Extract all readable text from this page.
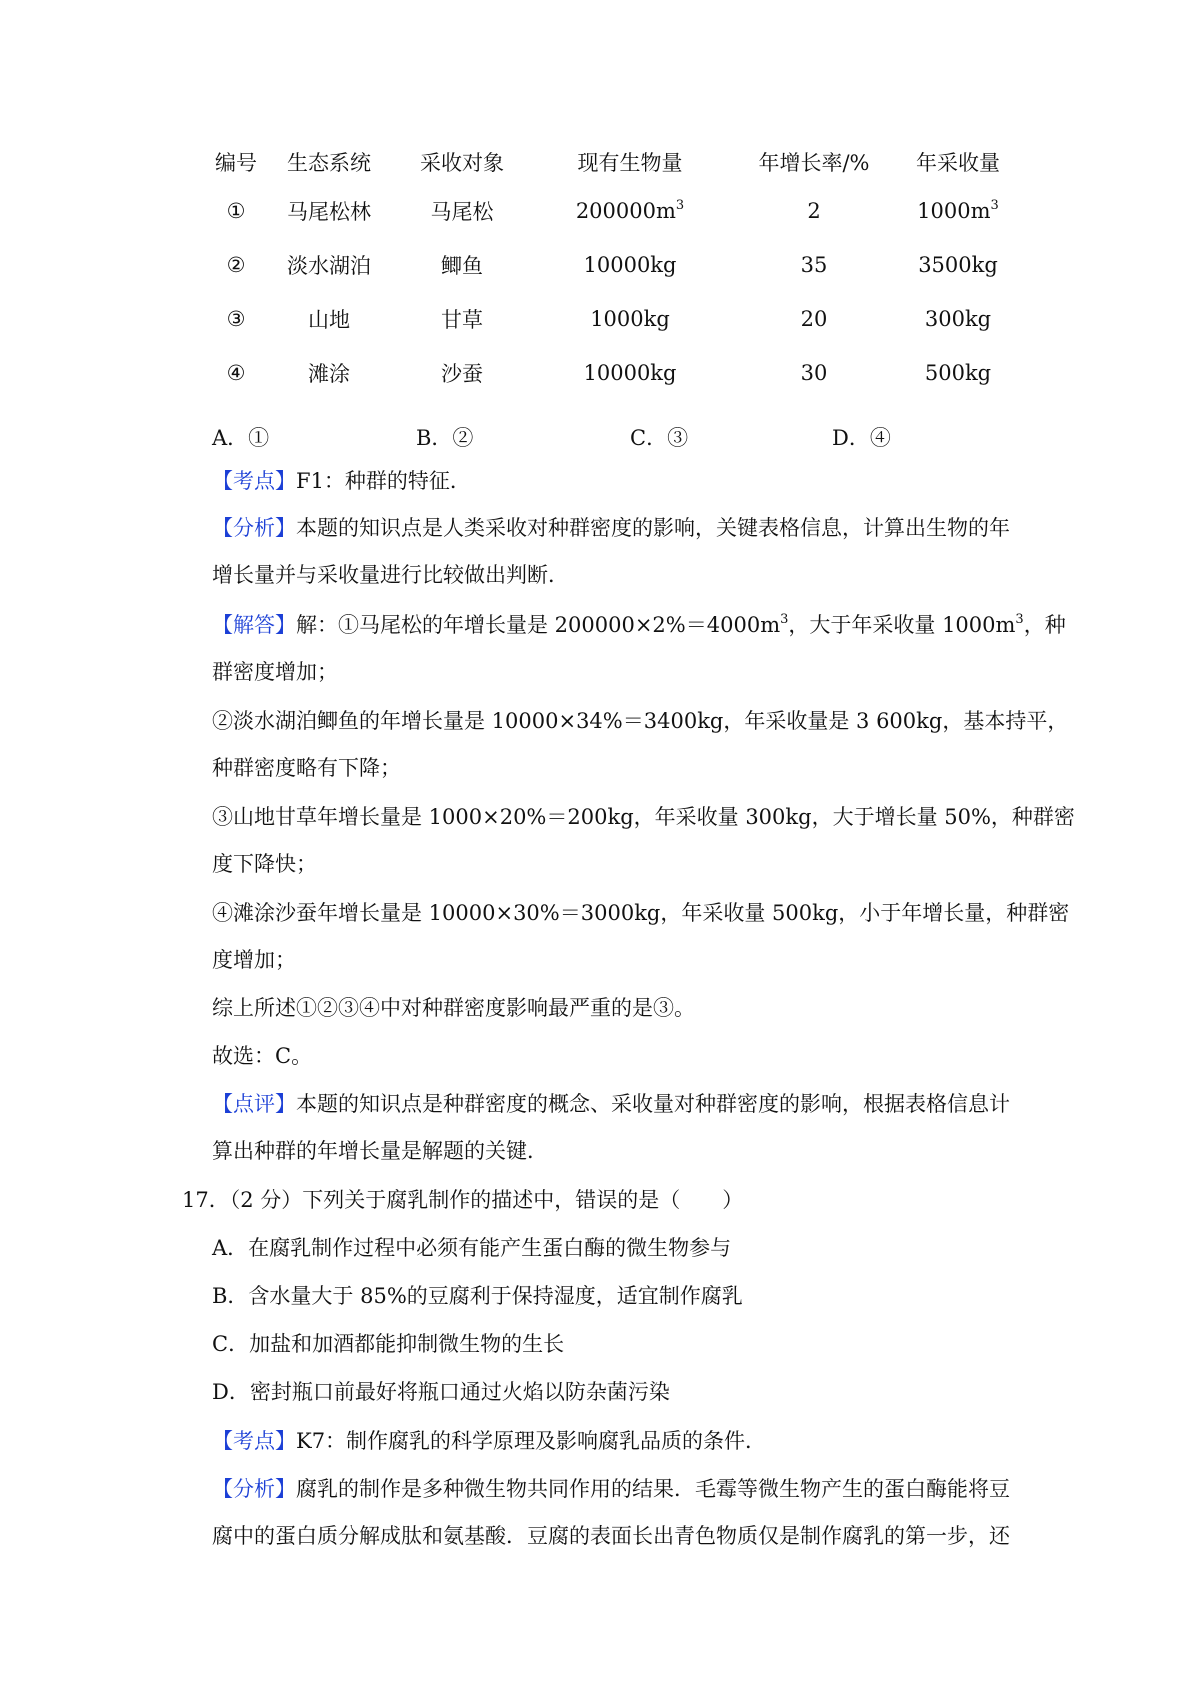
编号	生态系统	采收对象	现有生物量	年增长率/%	年采收量
①	马尾松林	马尾松	$200000m^3$	2	$1000m^3$
②	淡水湖泊	鲫鱼	10000kg	35	3500kg
③	山地	甘草	1000kg	20	300kg
④	滩涂	沙蚕	10000kg	30	500kg
A．①	B．②	C．③	D．④
【考点】F1：种群的特征．
【分析】本题的知识点是人类采收对种群密度的影响，关键表格信息，计算出生物的年
增长量并与采收量进行比较做出判断．
【解答】解：①马尾松的年增长量是 $200000\times 2\%=4000m^3$，大于年采收量 $1000m^3$，种
群密度增加；
②淡水湖泊鲫鱼的年增长量是 10000×34%＝3400kg，年采收量是 3 600kg，基本持平，
种群密度略有下降；
③山地甘草年增长量是 1000×20%＝200kg，年采收量 300kg，大于增长量 50%，种群密
度下降快；
④滩涂沙蚕年增长量是 10000×30%＝3000kg，年采收量 500kg，小于年增长量，种群密
度增加；
综上所述①②③④中对种群密度影响最严重的是③。
故选：C。
【点评】本题的知识点是种群密度的概念、采收量对种群密度的影响，根据表格信息计
算出种群的年增长量是解题的关键．
17．（2 分）下列关于腐乳制作的描述中，错误的是（　　）
A．在腐乳制作过程中必须有能产生蛋白酶的微生物参与
B．含水量大于 85%的豆腐利于保持湿度，适宜制作腐乳
C．加盐和加酒都能抑制微生物的生长
D．密封瓶口前最好将瓶口通过火焰以防杂菌污染
【考点】K7：制作腐乳的科学原理及影响腐乳品质的条件．
【分析】腐乳的制作是多种微生物共同作用的结果．毛霉等微生物产生的蛋白酶能将豆
腐中的蛋白质分解成肽和氨基酸．豆腐的表面长出青色物质仅是制作腐乳的第一步，还
